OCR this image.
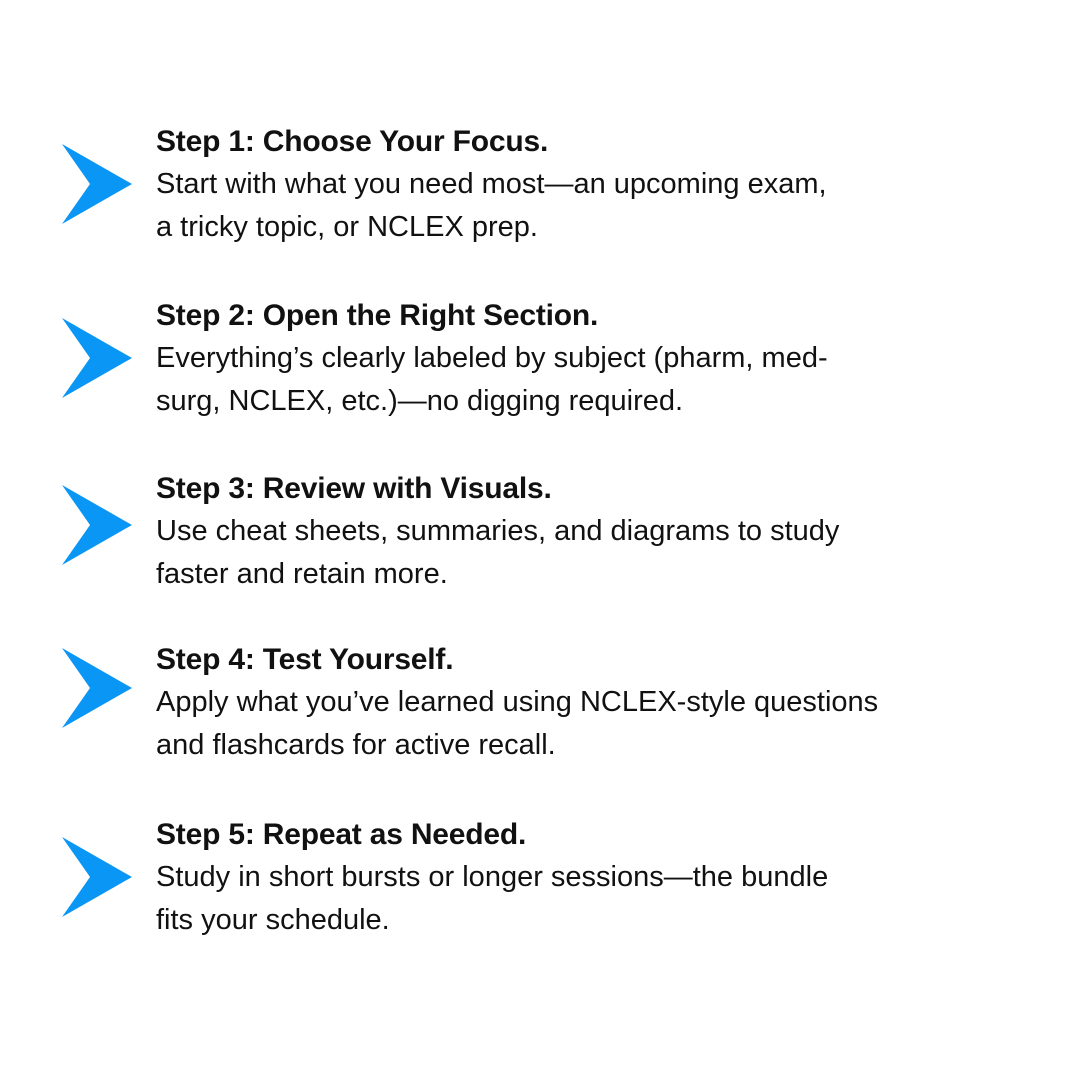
Step 1: Choose Your Focus.

Start with what you need most—an upcoming exam,

a tricky topic, or NCLEX prep.

Step 2: Open the Right Section.

Everything’s clearly labeled by subject (pharm, med-

surg, NCLEX, etc.)—no digging required.

Step 3: Review with Visuals.

Use cheat sheets, summaries, and diagrams to study

faster and retain more.

Step 4: Test Yourself.

Apply what you’ve learned using NCLEX-style questions

and flashcards for active recall.

Step 5: Repeat as Needed.

Study in short bursts or longer sessions—the bundle

fits your schedule.
